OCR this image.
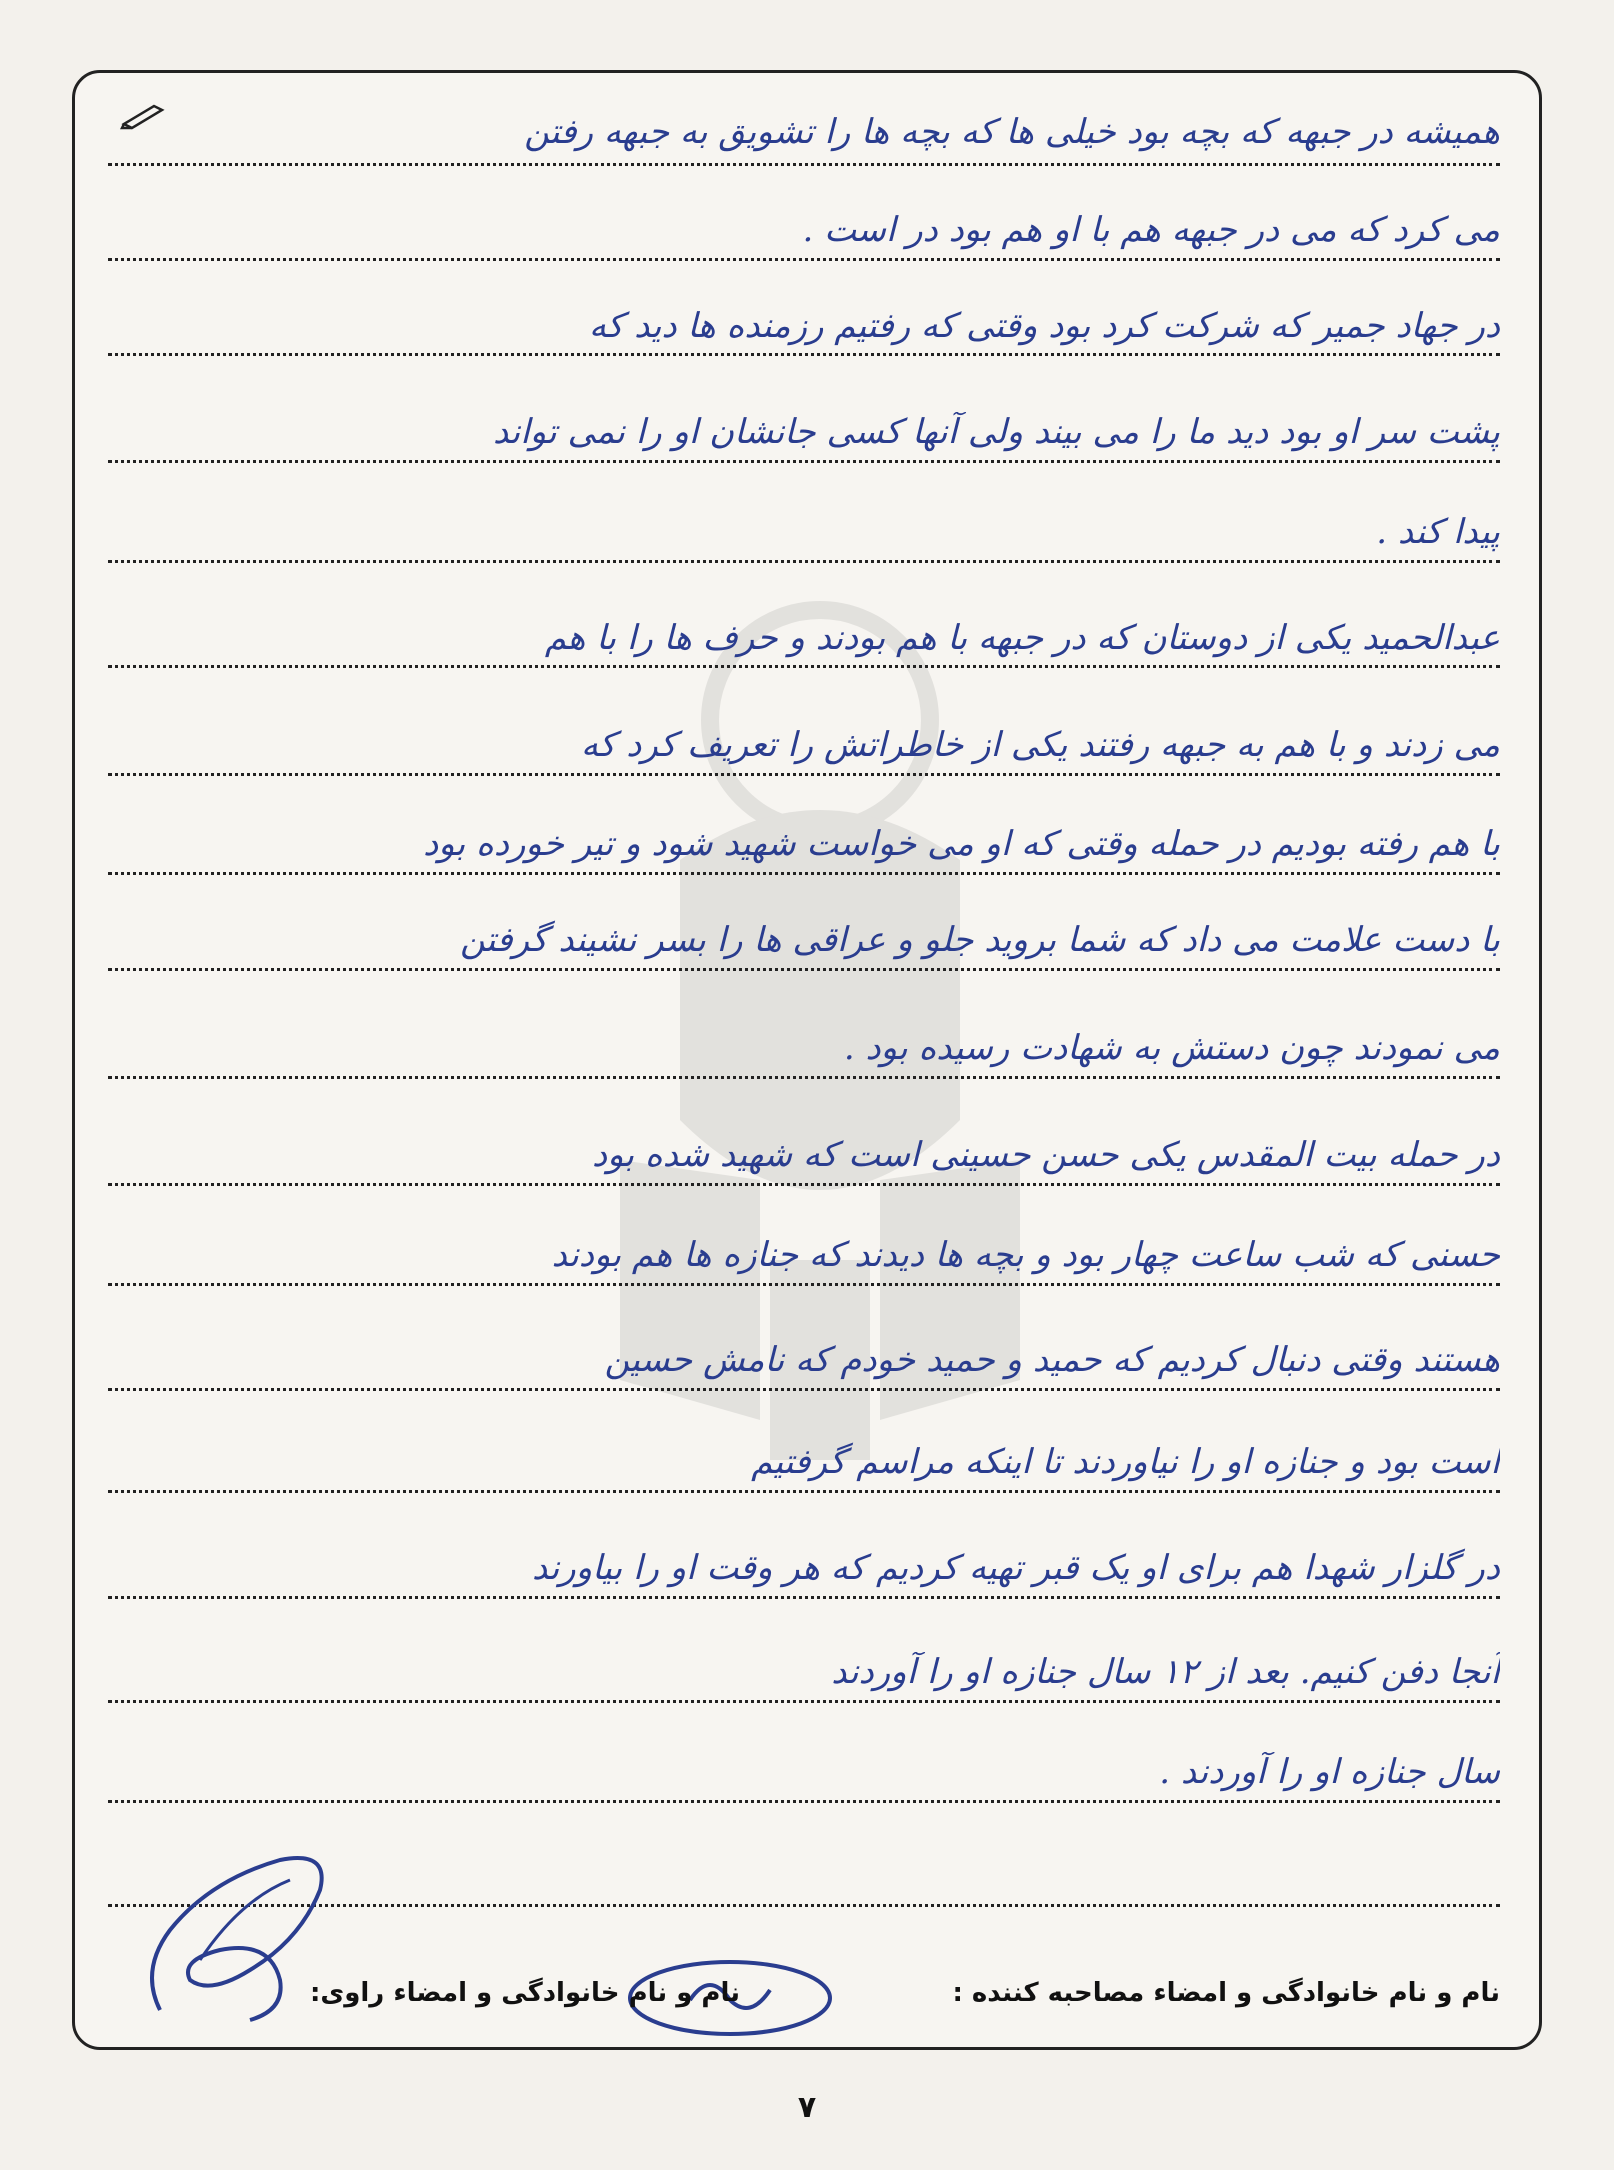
همیشه در جبهه که بچه بود خیلی ها که بچه ها را تشویق به جبهه رفتن
می کرد که می در جبهه هم با او هم بود در است .
در جهاد جمیر که شرکت کرد بود وقتی که رفتیم رزمنده ها دید که
پشت سر او بود دید ما را می بیند ولی آنها کسی جانشان او را نمی تواند
پیدا کند .
عبدالحمید یکی از دوستان که در جبهه با هم بودند و حرف ها را با هم
می زدند و با هم به جبهه رفتند یکی از خاطراتش را تعریف کرد که
با هم رفته بودیم در حمله وقتی که او می خواست شهید شود و تیر خورده بود
با دست علامت می داد که شما بروید جلو و عراقی ها را بسر نشیند گرفتن
می نمودند چون دستش به شهادت رسیده بود .
در حمله بیت المقدس یکی حسن حسینی است که شهید شده بود
حسنی که شب ساعت چهار بود و بچه ها دیدند که جنازه ها هم بودند
هستند وقتی دنبال کردیم که حمید و حمید خودم که نامش حسین
است بود و جنازه او را نیاوردند تا اینکه مراسم گرفتیم
در گلزار شهدا هم برای او یک قبر تهیه کردیم که هر وقت او را بیاورند
آنجا دفن کنیم. بعد از ۱۲ سال جنازه او را آوردند
سال جنازه او را آوردند .
نام و نام خانوادگی و امضاء مصاحبه کننده :
نام و نام خانوادگی و امضاء راوی:
۷
